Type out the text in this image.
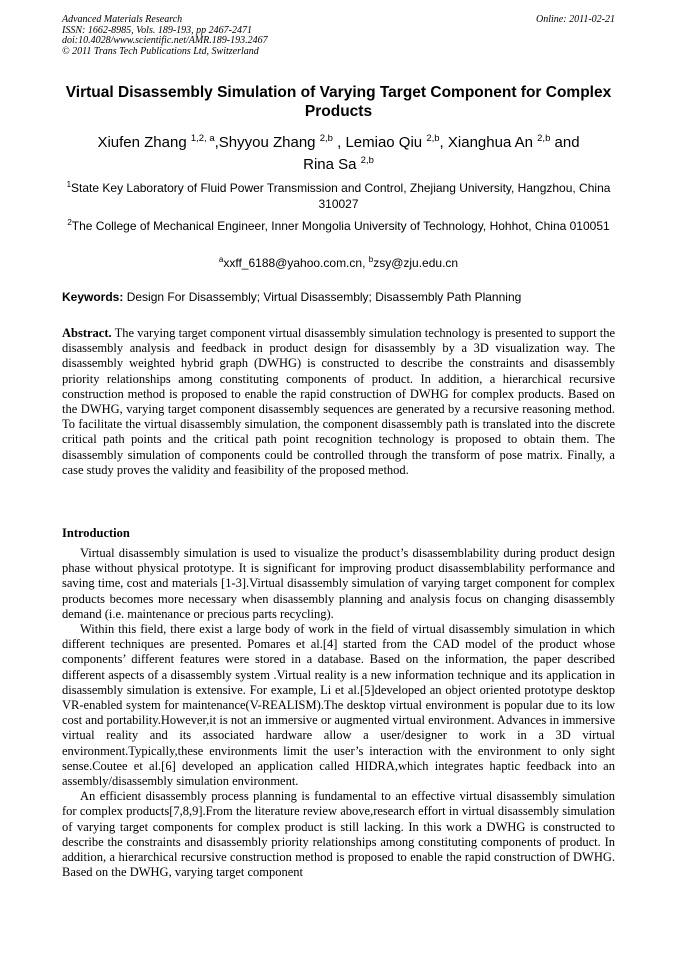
Advanced Materials Research
ISSN: 1662-8985, Vols. 189-193, pp 2467-2471
doi:10.4028/www.scientific.net/AMR.189-193.2467
© 2011 Trans Tech Publications Ltd, Switzerland
Online: 2011-02-21
Virtual Disassembly Simulation of Varying Target Component for Complex Products
Xiufen Zhang $^{1,2, a}$,Shyyou Zhang $^{2,b}$ , Lemiao Qiu $^{2,b}$, Xianghua An $^{2,b}$ and
Rina Sa $^{2,b}$
$^1$State Key Laboratory of Fluid Power Transmission and Control, Zhejiang University, Hangzhou, China 310027
$^2$The College of Mechanical Engineer, Inner Mongolia University of Technology, Hohhot, China 010051
$^a$xxff_6188@yahoo.com.cn, $^b$zsy@zju.edu.cn
Keywords: Design For Disassembly; Virtual Disassembly; Disassembly Path Planning
Abstract. The varying target component virtual disassembly simulation technology is presented to support the disassembly analysis and feedback in product design for disassembly by a 3D visualization way. The disassembly weighted hybrid graph (DWHG) is constructed to describe the constraints and disassembly priority relationships among constituting components of product. In addition, a hierarchical recursive construction method is proposed to enable the rapid construction of DWHG for complex products. Based on the DWHG, varying target component disassembly sequences are generated by a recursive reasoning method. To facilitate the virtual disassembly simulation, the component disassembly path is translated into the discrete critical path points and the critical path point recognition technology is proposed to obtain them. The disassembly simulation of components could be controlled through the transform of pose matrix. Finally, a case study proves the validity and feasibility of the proposed method.
Introduction

Virtual disassembly simulation is used to visualize the product’s disassemblability during product design phase without physical prototype. It is significant for improving product disassemblability performance and saving time, cost and materials [1-3].Virtual disassembly simulation of varying target component for complex products becomes more necessary when disassembly planning and analysis focus on changing disassembly demand (i.e. maintenance or precious parts recycling).

Within this field, there exist a large body of work in the field of virtual disassembly simulation in which different techniques are presented. Pomares et al.[4] started from the CAD model of the product whose components’ different features were stored in a database. Based on the information, the paper described different aspects of a disassembly system .Virtual reality is a new information technique and its application in disassembly simulation is extensive. For example, Li et al.[5]developed an object oriented prototype desktop VR-enabled system for maintenance(V-REALISM).The desktop virtual environment is popular due to its low cost and portability.However,it is not an immersive or augmented virtual environment. Advances in immersive virtual reality and its associated hardware allow a user/designer to work in a 3D virtual environment.Typically,these environments limit the user’s interaction with the environment to only sight sense.Coutee et al.[6] developed an application called HIDRA,which integrates haptic feedback into an assembly/disassembly simulation environment.

An efficient disassembly process planning is fundamental to an effective virtual disassembly simulation for complex products[7,8,9].From the literature review above,research effort in virtual disassembly simulation of varying target components for complex product is still lacking. In this work a DWHG is constructed to describe the constraints and disassembly priority relationships among constituting components of product. In addition, a hierarchical recursive construction method is proposed to enable the rapid construction of DWHG. Based on the DWHG, varying target component
